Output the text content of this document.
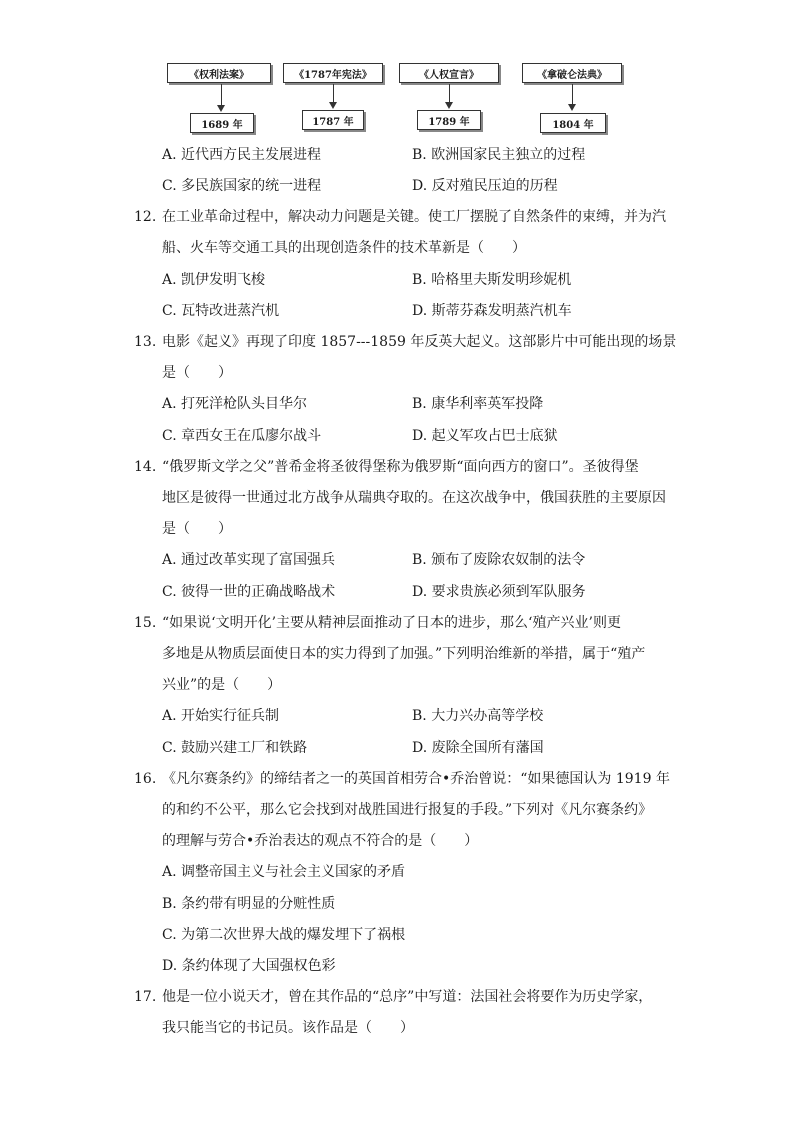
《权利法案》	《1787年宪法》	《人权宣言》	《拿破仑法典》
1689 年	1787 年	1789 年	1804 年
A. 近代西方民主发展进程	B. 欧洲国家民主独立的过程
C. 多民族国家的统一进程	D. 反对殖民压迫的历程
12. 在工业革命过程中，解决动力问题是关键。使工厂摆脱了自然条件的束缚，并为汽
船、火车等交通工具的出现创造条件的技术革新是（　　）
A. 凯伊发明飞梭	B. 哈格里夫斯发明珍妮机
C. 瓦特改进蒸汽机	D. 斯蒂芬森发明蒸汽机车
13. 电影《起义》再现了印度 1857---1859 年反英大起义。这部影片中可能出现的场景
是（　　）
A. 打死洋枪队头目华尔	B. 康华利率英军投降
C. 章西女王在瓜廖尔战斗	D. 起义军攻占巴士底狱
14. “俄罗斯文学之父”普希金将圣彼得堡称为俄罗斯“面向西方的窗口”。圣彼得堡
地区是彼得一世通过北方战争从瑞典夺取的。在这次战争中，俄国获胜的主要原因
是（　　）
A. 通过改革实现了富国强兵	B. 颁布了废除农奴制的法令
C. 彼得一世的正确战略战术	D. 要求贵族必须到军队服务
15. “如果说‘文明开化’主要从精神层面推动了日本的进步，那么‘殖产兴业’则更
多地是从物质层面使日本的实力得到了加强。”下列明治维新的举措，属于“殖产
兴业”的是（　　）
A. 开始实行征兵制	B. 大力兴办高等学校
C. 鼓励兴建工厂和铁路	D. 废除全国所有藩国
16. 《凡尔赛条约》的缔结者之一的英国首相劳合•乔治曾说：“如果德国认为 1919 年
的和约不公平，那么它会找到对战胜国进行报复的手段。”下列对《凡尔赛条约》
的理解与劳合•乔治表达的观点不符合的是（　　）
A. 调整帝国主义与社会主义国家的矛盾
B. 条约带有明显的分赃性质
C. 为第二次世界大战的爆发埋下了祸根
D. 条约体现了大国强权色彩
17. 他是一位小说天才，曾在其作品的“总序”中写道：法国社会将要作为历史学家，
我只能当它的书记员。该作品是（　　）
